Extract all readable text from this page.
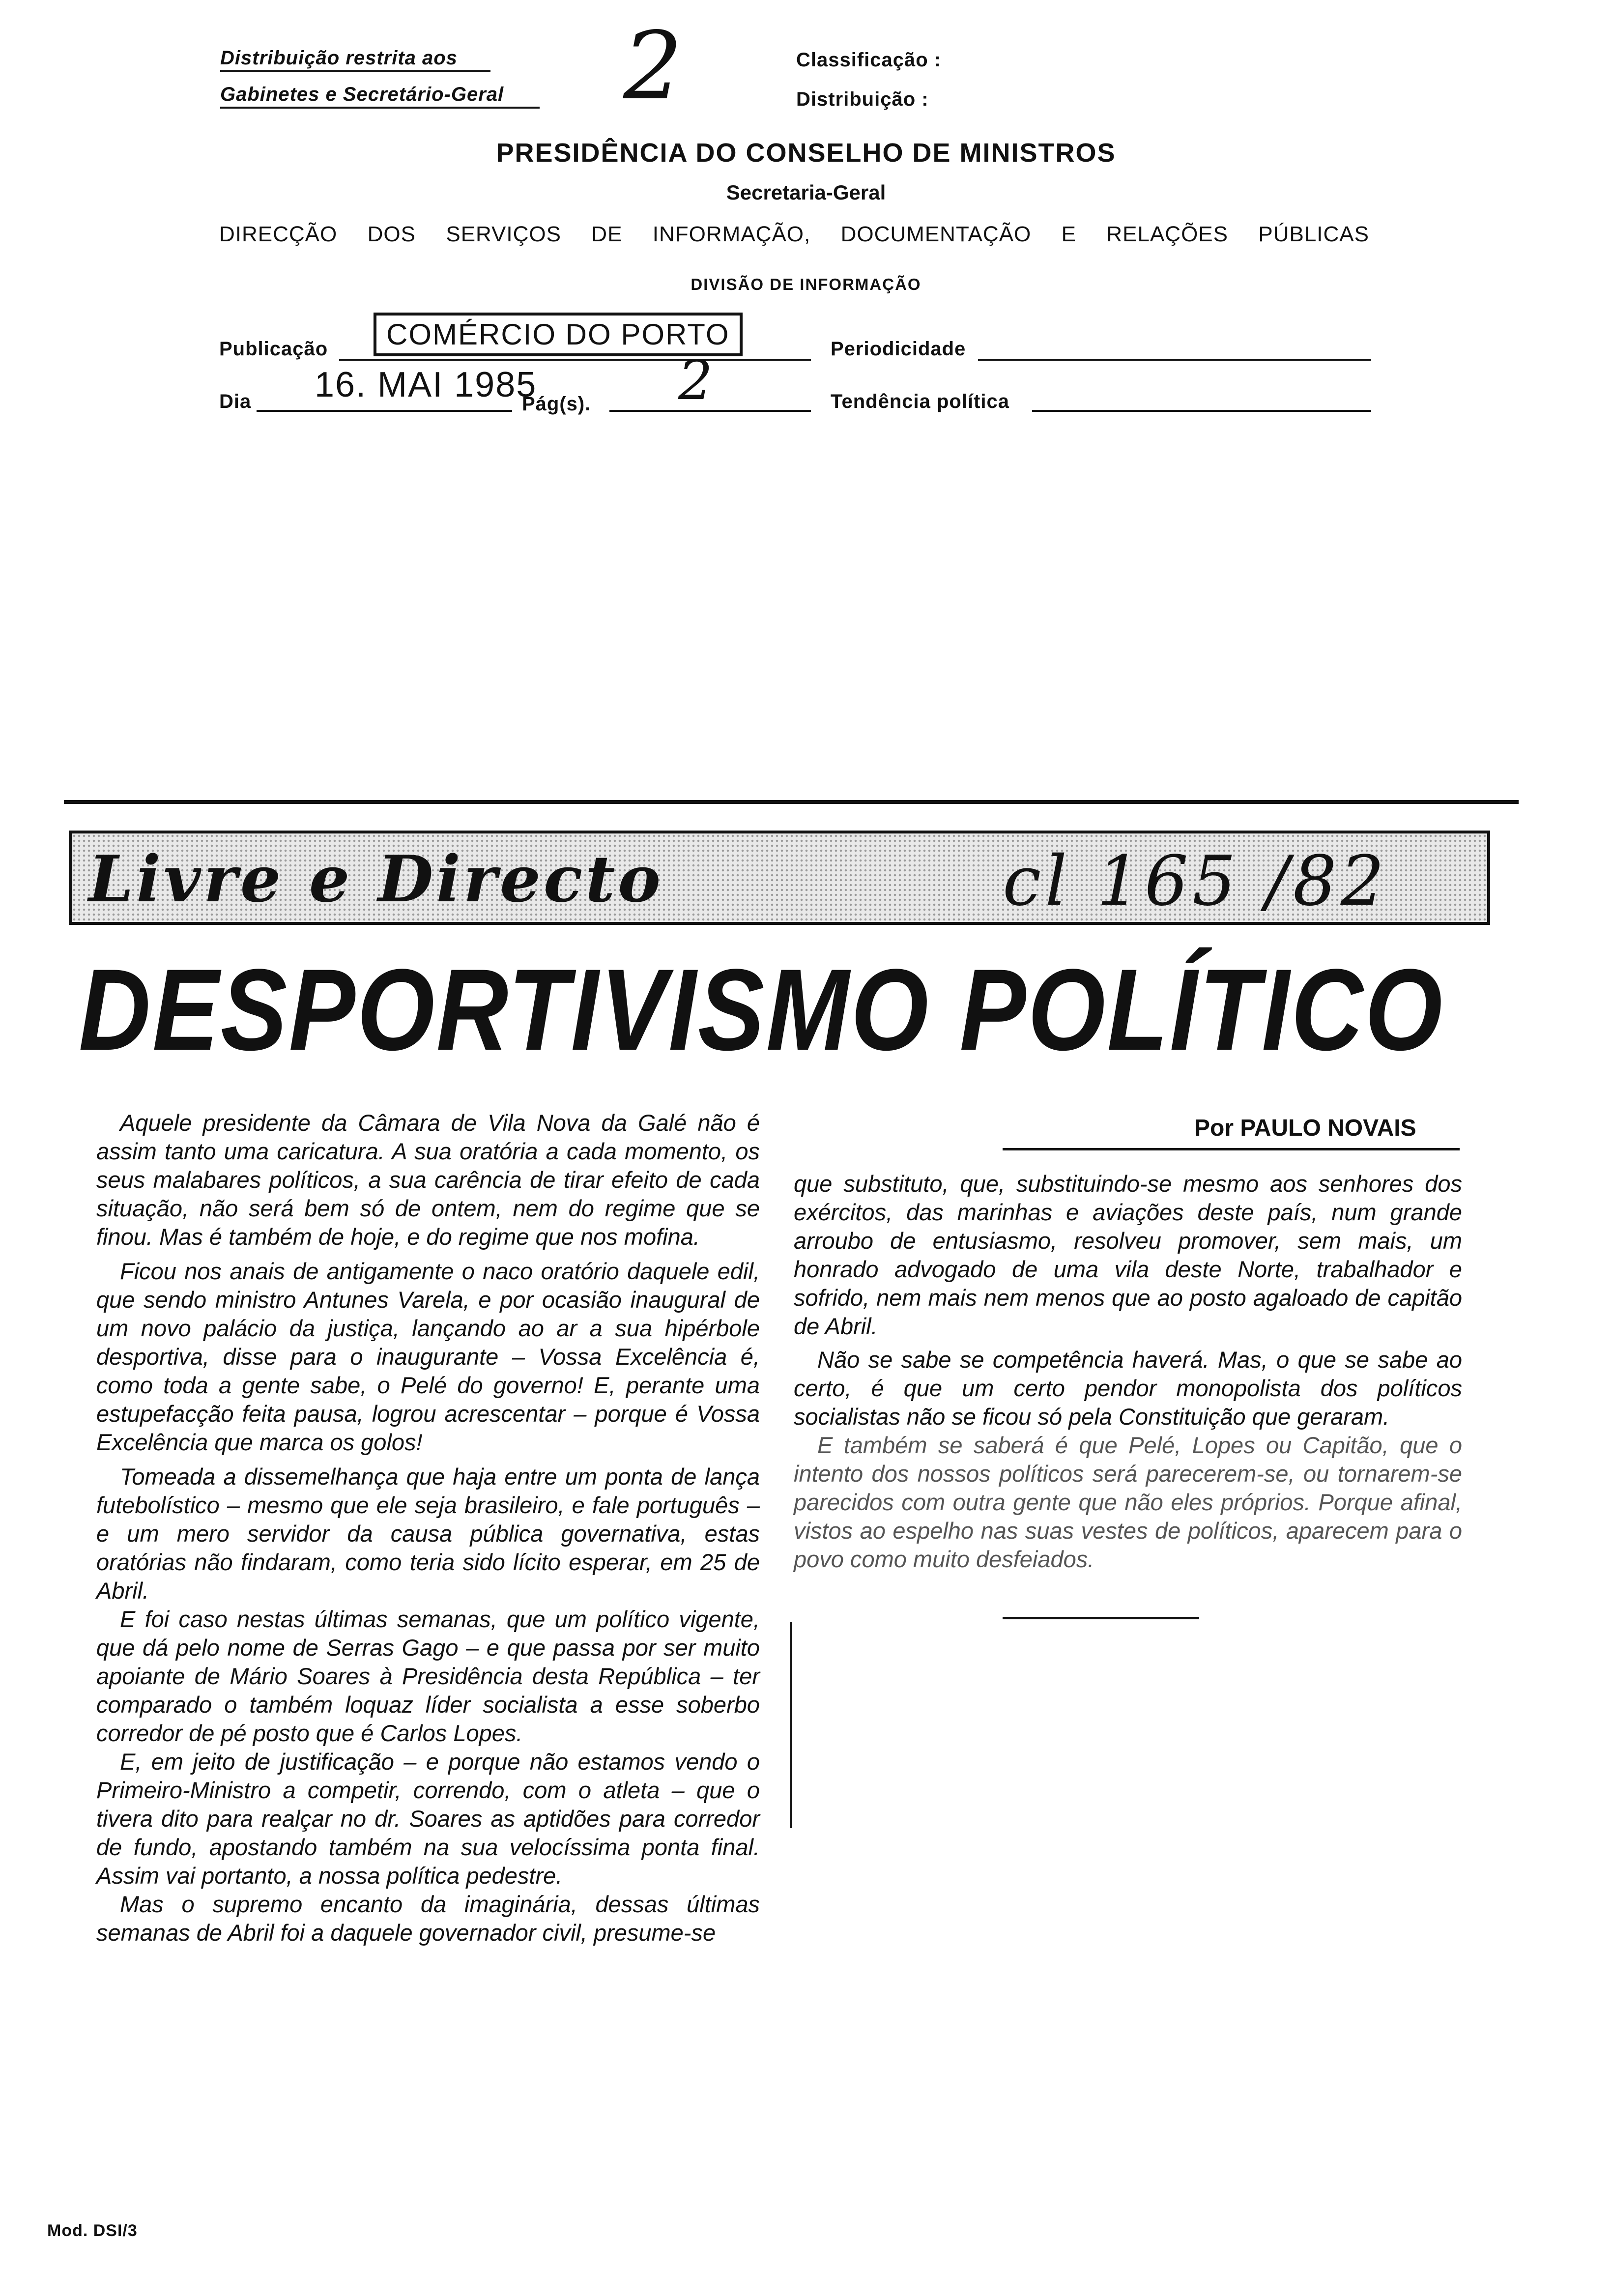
Distribuição restrita aos
Gabinetes e Secretário-Geral	2	Classificação :
Distribuição :
PRESIDÊNCIA DO CONSELHO DE MINISTROS
Secretaria-Geral
DIRECÇÃO DOS SERVIÇOS DE INFORMAÇÃO, DOCUMENTAÇÃO E RELAÇÕES PÚBLICAS
DIVISÃO DE INFORMAÇÃO
Publicação	COMÉRCIO DO PORTO	Periodicidade
Dia 16. MAI 1985
Pág(s). 2	Tendência política
Livre e Directo	cl 165 /82
DESPORTIVISMO POLÍTICO
Por PAULO NOVAIS

Aquele presidente da Câmara de Vila Nova da Galé não é assim tanto uma caricatura. A sua oratória a cada momento, os seus malabares políticos, a sua carência de tirar efeito de cada situação, não será bem só de ontem, nem do regime que se finou. Mas é também de hoje, e do regime que nos mofina.

Ficou nos anais de antigamente o naco oratório daquele edil, que sendo ministro Antunes Varela, e por ocasião inaugural de um novo palácio da justiça, lançando ao ar a sua hipérbole desportiva, disse para o inaugurante – Vossa Excelência é, como toda a gente sabe, o Pelé do governo! E, perante uma estupefacção feita pausa, logrou acrescentar – porque é Vossa Excelência que marca os golos!

Tomeada a dissemelhança que haja entre um ponta de lança futebolístico – mesmo que ele seja brasileiro, e fale português – e um mero servidor da causa pública governativa, estas oratórias não findaram, como teria sido lícito esperar, em 25 de Abril.

E foi caso nestas últimas semanas, que um político vigente, que dá pelo nome de Serras Gago – e que passa por ser muito apoiante de Mário Soares à Presidência desta República – ter comparado o também loquaz líder socialista a esse soberbo corredor de pé posto que é Carlos Lopes.

E, em jeito de justificação – e porque não estamos vendo o Primeiro-Ministro a competir, correndo, com o atleta – que o tivera dito para realçar no dr. Soares as aptidões para corredor de fundo, apostando também na sua velocíssima ponta final. Assim vai portanto, a nossa política pedestre.

Mas o supremo encanto da imaginária, dessas últimas semanas de Abril foi a daquele governador civil, presume-se

que substituto, que, substituindo-se mesmo aos senhores dos exércitos, das marinhas e aviações deste país, num grande arroubo de entusiasmo, resolveu promover, sem mais, um honrado advogado de uma vila deste Norte, trabalhador e sofrido, nem mais nem menos que ao posto agaloado de capitão de Abril.

Não se sabe se competência haverá. Mas, o que se sabe ao certo, é que um certo pendor monopolista dos políticos socialistas não se ficou só pela Constituição que geraram.

E também se saberá é que Pelé, Lopes ou Capitão, que o intento dos nossos políticos será parecerem-se, ou tornarem-se parecidos com outra gente que não eles próprios. Porque afinal, vistos ao espelho nas suas vestes de políticos, aparecem para o povo como muito desfeiados.

Mod. DSI/3
